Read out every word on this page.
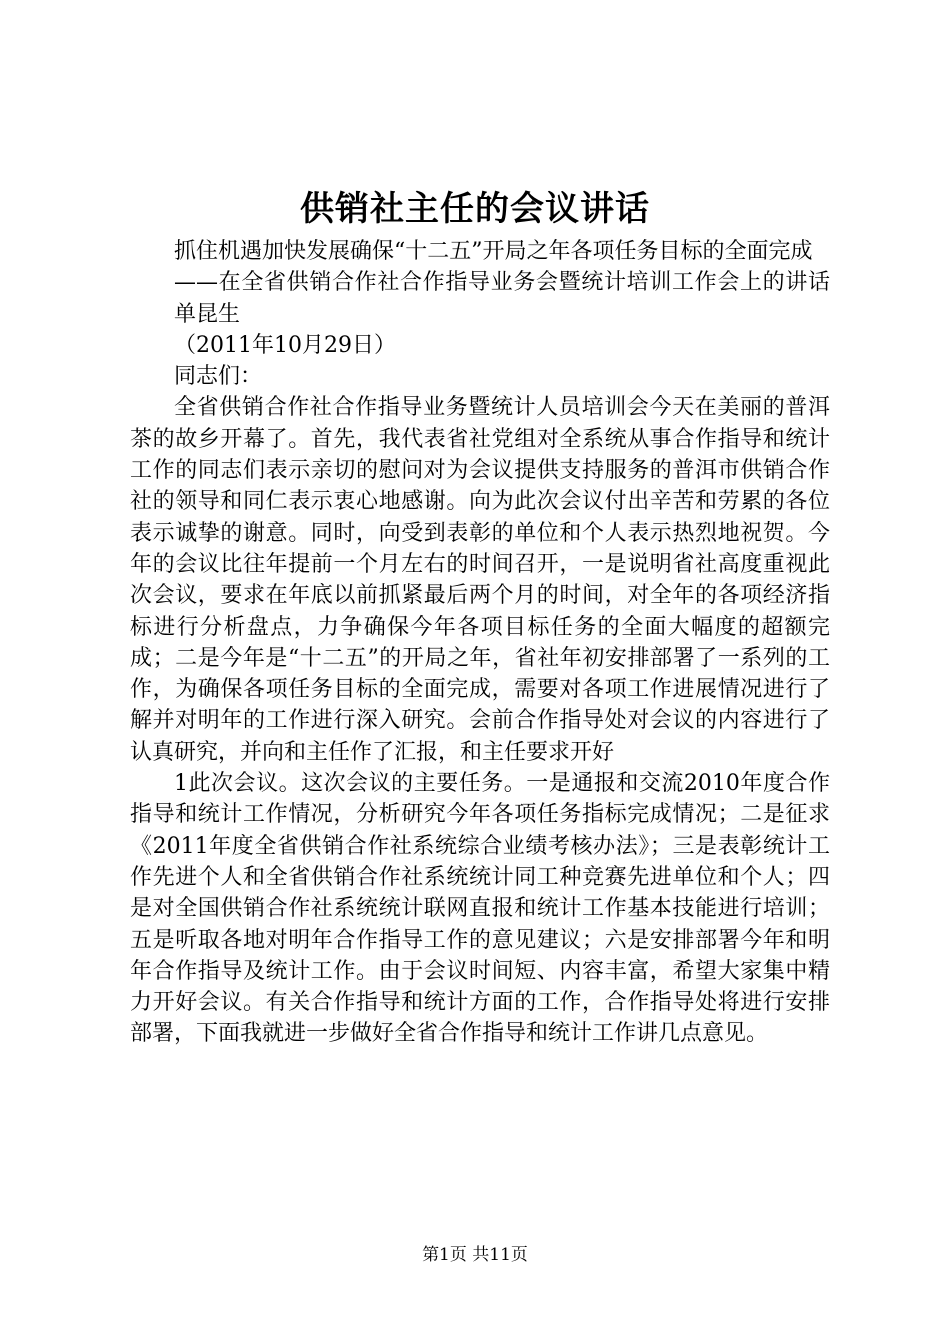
供销社主任的会议讲话

抓住机遇加快发展确保“十二五”开局之年各项任务目标的全面完成

——在全省供销合作社合作指导业务会暨统计培训工作会上的讲话单昆生

（2011年10月29日）

同志们：

全省供销合作社合作指导业务暨统计人员培训会今天在美丽的普洱茶的故乡开幕了。首先，我代表省社党组对全系统从事合作指导和统计工作的同志们表示亲切的慰问对为会议提供支持服务的普洱市供销合作社的领导和同仁表示衷心地感谢。向为此次会议付出辛苦和劳累的各位表示诚挚的谢意。同时，向受到表彰的单位和个人表示热烈地祝贺。今年的会议比往年提前一个月左右的时间召开，一是说明省社高度重视此次会议，要求在年底以前抓紧最后两个月的时间，对全年的各项经济指标进行分析盘点，力争确保今年各项目标任务的全面大幅度的超额完成；二是今年是“十二五”的开局之年，省社年初安排部署了一系列的工作，为确保各项任务目标的全面完成，需要对各项工作进展情况进行了解并对明年的工作进行深入研究。会前合作指导处对会议的内容进行了认真研究，并向和主任作了汇报，和主任要求开好

1此次会议。这次会议的主要任务。一是通报和交流2010年度合作指导和统计工作情况，分析研究今年各项任务指标完成情况；二是征求《2011年度全省供销合作社系统综合业绩考核办法》；三是表彰统计工作先进个人和全省供销合作社系统统计同工种竞赛先进单位和个人；四是对全国供销合作社系统统计联网直报和统计工作基本技能进行培训；五是听取各地对明年合作指导工作的意见建议；六是安排部署今年和明年合作指导及统计工作。由于会议时间短、内容丰富，希望大家集中精力开好会议。有关合作指导和统计方面的工作，合作指导处将进行安排部署，下面我就进一步做好全省合作指导和统计工作讲几点意见。

第1页 共11页
